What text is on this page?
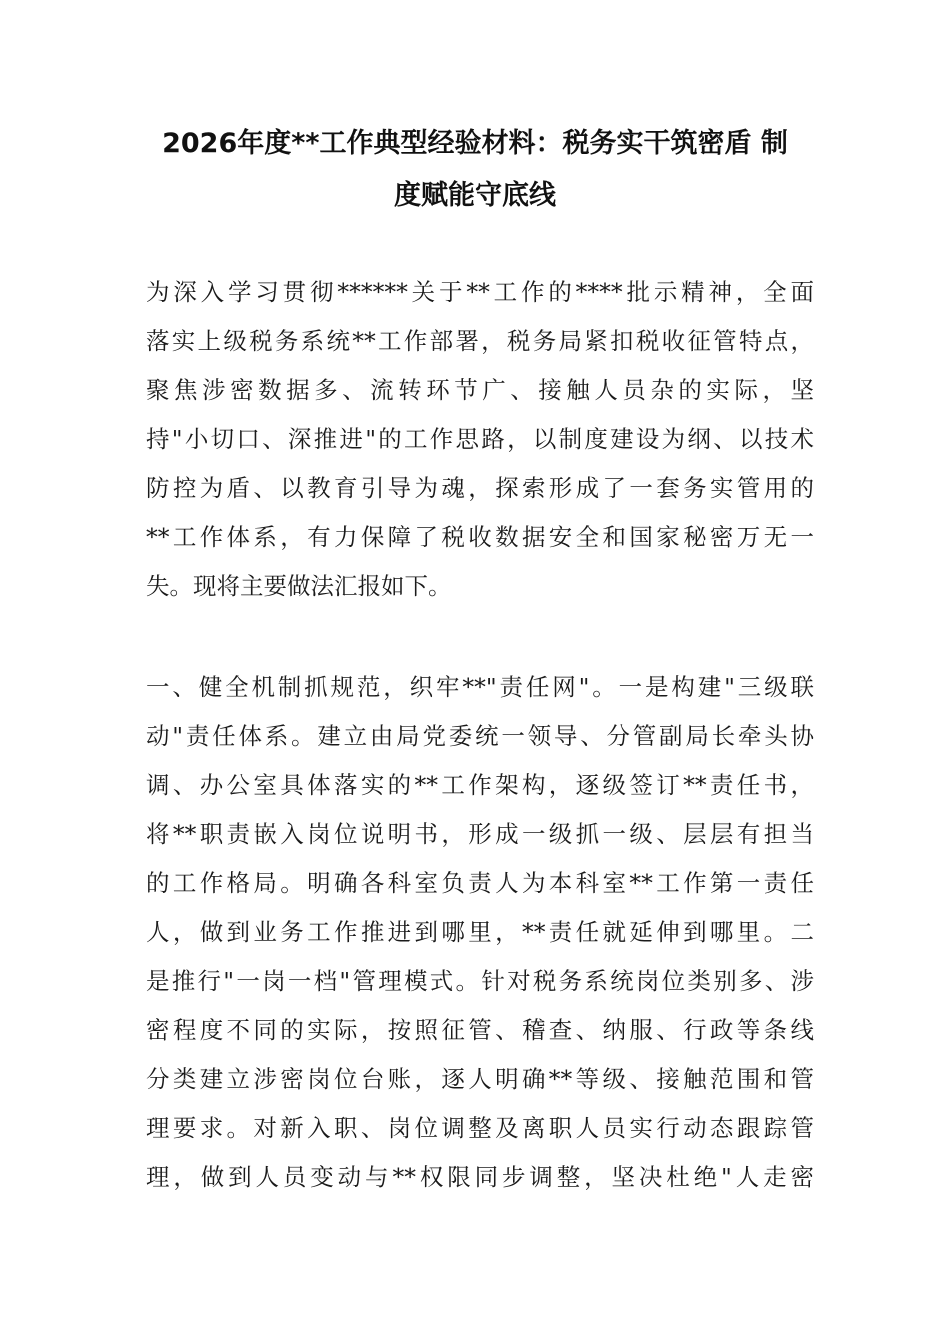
2026年度**工作典型经验材料：税务实干筑密盾 制
度赋能守底线
为深入学习贯彻******关于**工作的****批示精神，全面
落实上级税务系统**工作部署，税务局紧扣税收征管特点，
聚焦涉密数据多、流转环节广、接触人员杂的实际，坚
持"小切口、深推进"的工作思路，以制度建设为纲、以技术
防控为盾、以教育引导为魂，探索形成了一套务实管用的
**工作体系，有力保障了税收数据安全和国家秘密万无一
失。现将主要做法汇报如下。
一、健全机制抓规范，织牢**"责任网"。一是构建"三级联
动"责任体系。建立由局党委统一领导、分管副局长牵头协
调、办公室具体落实的**工作架构，逐级签订**责任书，
将**职责嵌入岗位说明书，形成一级抓一级、层层有担当
的工作格局。明确各科室负责人为本科室**工作第一责任
人，做到业务工作推进到哪里，**责任就延伸到哪里。二
是推行"一岗一档"管理模式。针对税务系统岗位类别多、涉
密程度不同的实际，按照征管、稽查、纳服、行政等条线
分类建立涉密岗位台账，逐人明确**等级、接触范围和管
理要求。对新入职、岗位调整及离职人员实行动态跟踪管
理，做到人员变动与**权限同步调整，坚决杜绝"人走密
